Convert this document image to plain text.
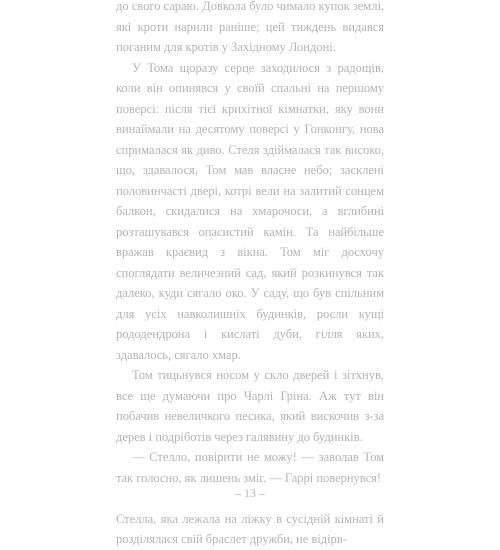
до свого сараю. Довкола було чимало купок землі, які кроти нарили раніше; цей тиждень видався поганим для кротів у Західному Лондоні.

У Тома щоразу серце заходилося з радощів, коли він опинявся у своїй спальні на першому поверсі: після тієї крихітної кімнатки, яку вони винаймали на десятому поверсі у Гонконгу, нова спрималася як диво. Стеля здіймалася так високо, що, здавалося, Том мав власне небо; засклені половинчасті двері, котрі вели на залитий сонцем балкон, скидалися на хмарочоси, а вглибині розташувався опасистий камін. Та найбільше вражав краєвид з вікна. Том міг досхочу споглядати величезний сад, який розкинувся так далеко, куди сягало око. У саду, що був спільним для усіх навколишніх будинків, росли кущі рододендрона і кислаті дуби, гілля яких, здавалось, сягало хмар.

Том тицьнувся носом у скло дверей і зітхнув, все ще думаючи про Чарлі Гріна. Аж тут він побачив невеличкого песика, який вискочив з-за дерев і подріботів через галявину до будинків.

— Стелло, повірити не можу! — заволав Том так голосно, як лишень зміг. — Гаррі повернувся!

Стелла, яка лежала на ліжку в сусідній кімнаті й розділялася свій браслет дружби, не відірв-

– 13 –
